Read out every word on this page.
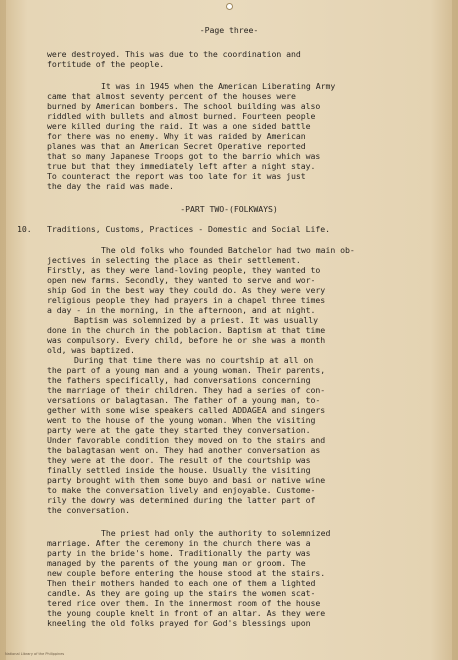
-Page three-
were destroyed. This was due to the coordination and
fortitude of the people.
It was in 1945 when the American Liberating Army
came that almost seventy percent of the houses were
burned by American bombers. The school building was also
riddled with bullets and almost burned. Fourteen people
were killed during the raid. It was a one sided battle
for there was no enemy. Why it was raided by American
planes was that an American Secret Operative reported
that so many Japanese Troops got to the barrio which was
true but that they immediately left after a night stay.
To counteract the report was too late for it was just
the day the raid was made.
-PART TWO-(FOLKWAYS)
10. Traditions, Customs, Practices - Domestic and Social Life.
The old folks who founded Batchelor had two main ob-
jectives in selecting the place as their settlement.
Firstly, as they were land-loving people, they wanted to
open new farms. Secondly, they wanted to serve and wor-
ship God in the best way they could do. As they were very
religious people they had prayers in a chapel three times
a day - in the morning, in the afternoon, and at night.
Baptism was solemnized by a priest. It was usually
done in the church in the poblacion. Baptism at that time
was compulsory. Every child, before he or she was a month
old, was baptized.
During that time there was no courtship at all on
the part of a young man and a young woman. Their parents,
the fathers specifically, had conversations concerning
the marriage of their children. They had a series of con-
versations or balagtasan. The father of a young man, to-
gether with some wise speakers called ADDAGEA and singers
went to the house of the young woman. When the visiting
party were at the gate they started they conversation.
Under favorable condition they moved on to the stairs and
the balagtasan went on. They had another conversation as
they were at the door. The result of the courtship was
finally settled inside the house. Usually the visiting
party brought with them some buyo and basi or native wine
to make the conversation lively and enjoyable. Custome-
rily the dowry was determined during the latter part of
the conversation.
The priest had only the authority to solemnized
marriage. After the ceremony in the church there was a
party in the bride's home. Traditionally the party was
managed by the parents of the young man or groom. The
new couple before entering the house stood at the stairs.
Then their mothers handed to each one of them a lighted
candle. As they are going up the stairs the women scat-
tered rice over them. In the innermost room of the house
the young couple knelt in front of an altar. As they were
kneeling the old folks prayed for God's blessings upon
National Library of the Philippines
